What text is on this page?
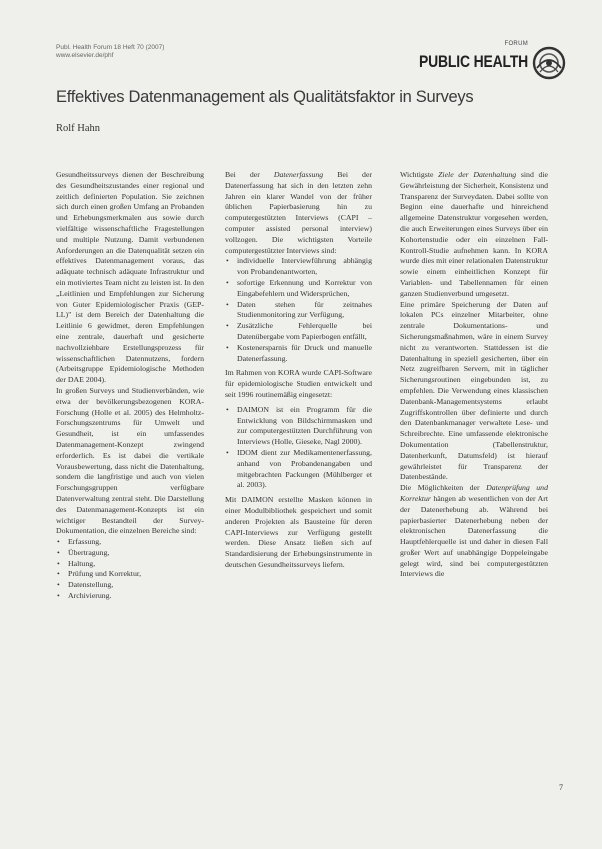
Publ. Health Forum 18 Heft 70 (2007)
www.elsevier.de/phf
FORUM
PUBLIC HEALTH
Effektives Datenmanagement als Qualitätsfaktor in Surveys
Rolf Hahn

Gesundheitssurveys dienen der Beschreibung des Gesundheitszustandes einer regional und zeitlich definierten Population. Sie zeichnen sich durch einen großen Umfang an Probanden und Erhebungsmerkmalen aus sowie durch vielfältige wissenschaftliche Fragestellungen und multiple Nutzung. Damit verbundenen Anforderungen an die Datenqualität setzen ein effektives Datenmanagement voraus, das adäquate technisch adäquate Infrastruktur und ein motiviertes Team nicht zu leisten ist. In den „Leitlinien und Empfehlungen zur Sicherung von Guter Epidemiologischer Praxis (GEP-LL)" ist dem Bereich der Datenhaltung die Leitlinie 6 gewidmet, deren Empfehlungen eine zentrale, dauerhaft und gesicherte nachvollziehbare Erstellungsprozess für wissenschaftlichen Datennutzens, fordern (Arbeitsgruppe Epidemiologische Methoden der DAE 2004).

In großen Surveys und Studienverbänden, wie etwa der bevölkerungsbezogenen KORA-Forschung (Holle et al. 2005) des Helmholtz-Forschungszentrums für Umwelt und Gesundheit, ist ein umfassendes Datenmanagement-Konzept zwingend erforderlich. Es ist dabei die vertikale Vorausbewertung, dass nicht die Datenhaltung, sondern die langfristige und auch von vielen Forschungsgruppen verfügbare Datenverwaltung zentral steht. Die Darstellung des Datenmanagement-Konzepts ist ein wichtiger Bestandteil der Survey-Dokumentation, die einzelnen Bereiche sind:

• Erfassung,
• Übertragung,
• Haltung,
• Prüfung und Korrektur,
• Datenstellung,
• Archivierung.

Bei der Datenerfassung Bei der Datenerfassung hat sich in den letzten zehn Jahren ein klarer Wandel von der früher üblichen Papierbasierung hin zu computergestützten Interviews (CAPI – computer assisted personal interview) vollzogen. Die wichtigsten Vorteile computergestützter Interviews sind:

• individuelle Interviewführung abhängig von Probandenantworten,
• sofortige Erkennung und Korrektur von Eingabefehlern und Widersprüchen,
• Daten stehen für zeitnahes Studienmonitoring zur Verfügung,
• Zusätzliche Fehlerquelle bei Datenübergabe vom Papierbogen entfällt,
• Kostenersparnis für Druck und manuelle Datenerfassung.

Im Rahmen von KORA wurde CAPI-Software für epidemiologische Studien entwickelt und seit 1996 routinemäßig eingesetzt:

• DAIMON ist ein Programm für die Entwicklung von Bildschirmmasken und zur computergestützten Durchführung von Interviews (Holle, Gieseke, Nagl 2000).
• IDOM dient zur Medikamentenerfassung, anhand von Probandenangaben und mitgebrachten Packungen (Mühlberger et al. 2003).

Mit DAIMON erstellte Masken können in einer Modulbibliothek gespeichert und somit anderen Projekten als Bausteine für deren CAPI-Interviews zur Verfügung gestellt werden. Diese Ansatz ließen sich auf Standardisierung der Erhebungsinstrumente in deutschen Gesundheitssurveys liefern.

Wichtigste Ziele der Datenhaltung sind die Gewährleistung der Sicherheit, Konsistenz und Transparenz der Surveydaten. Dabei sollte von Beginn eine dauerhafte und hinreichend allgemeine Datenstruktur vorgesehen werden, die auch Erweiterungen eines Surveys über ein Kohortenstudie oder ein einzelnen Fall-Kontroll-Studie aufnehmen kann. In KORA wurde dies mit einer relationalen Datenstruktur sowie einem einheitlichen Konzept für Variablen- und Tabellennamen für einen ganzen Studienverbund umgesetzt.

Eine primäre Speicherung der Daten auf lokalen PCs einzelner Mitarbeiter, ohne zentrale Dokumentations- und Sicherungsmaßnahmen, wäre in einem Survey nicht zu verantworten. Stattdessen ist die Datenhaltung in speziell gesicherten, über ein Netz zugreifbaren Servern, mit in täglicher Sicherungsroutinen eingebunden ist, zu empfehlen. Die Verwendung eines klassischen Datenbank-Managementsystems erlaubt Zugriffskontrollen über definierte und durch den Datenbankmanager verwaltete Lese- und Schreibrechte. Eine umfassende elektronische Dokumentation (Tabellenstruktur, Datenherkunft, Datumsfeld) ist hierauf gewährleistet für Transparenz der Datenbestände.

Die Möglichkeiten der Datenprüfung und Korrektur hängen ab wesentlichen von der Art der Datenerhebung ab. Während bei papierbasierter Datenerhebung neben der elektronischen Datenerfassung die Hauptfehlerquelle ist und daher in diesen Fall großer Wert auf unabhängige Doppeleingabe gelegt wird, sind bei computergestützten Interviews die

7
